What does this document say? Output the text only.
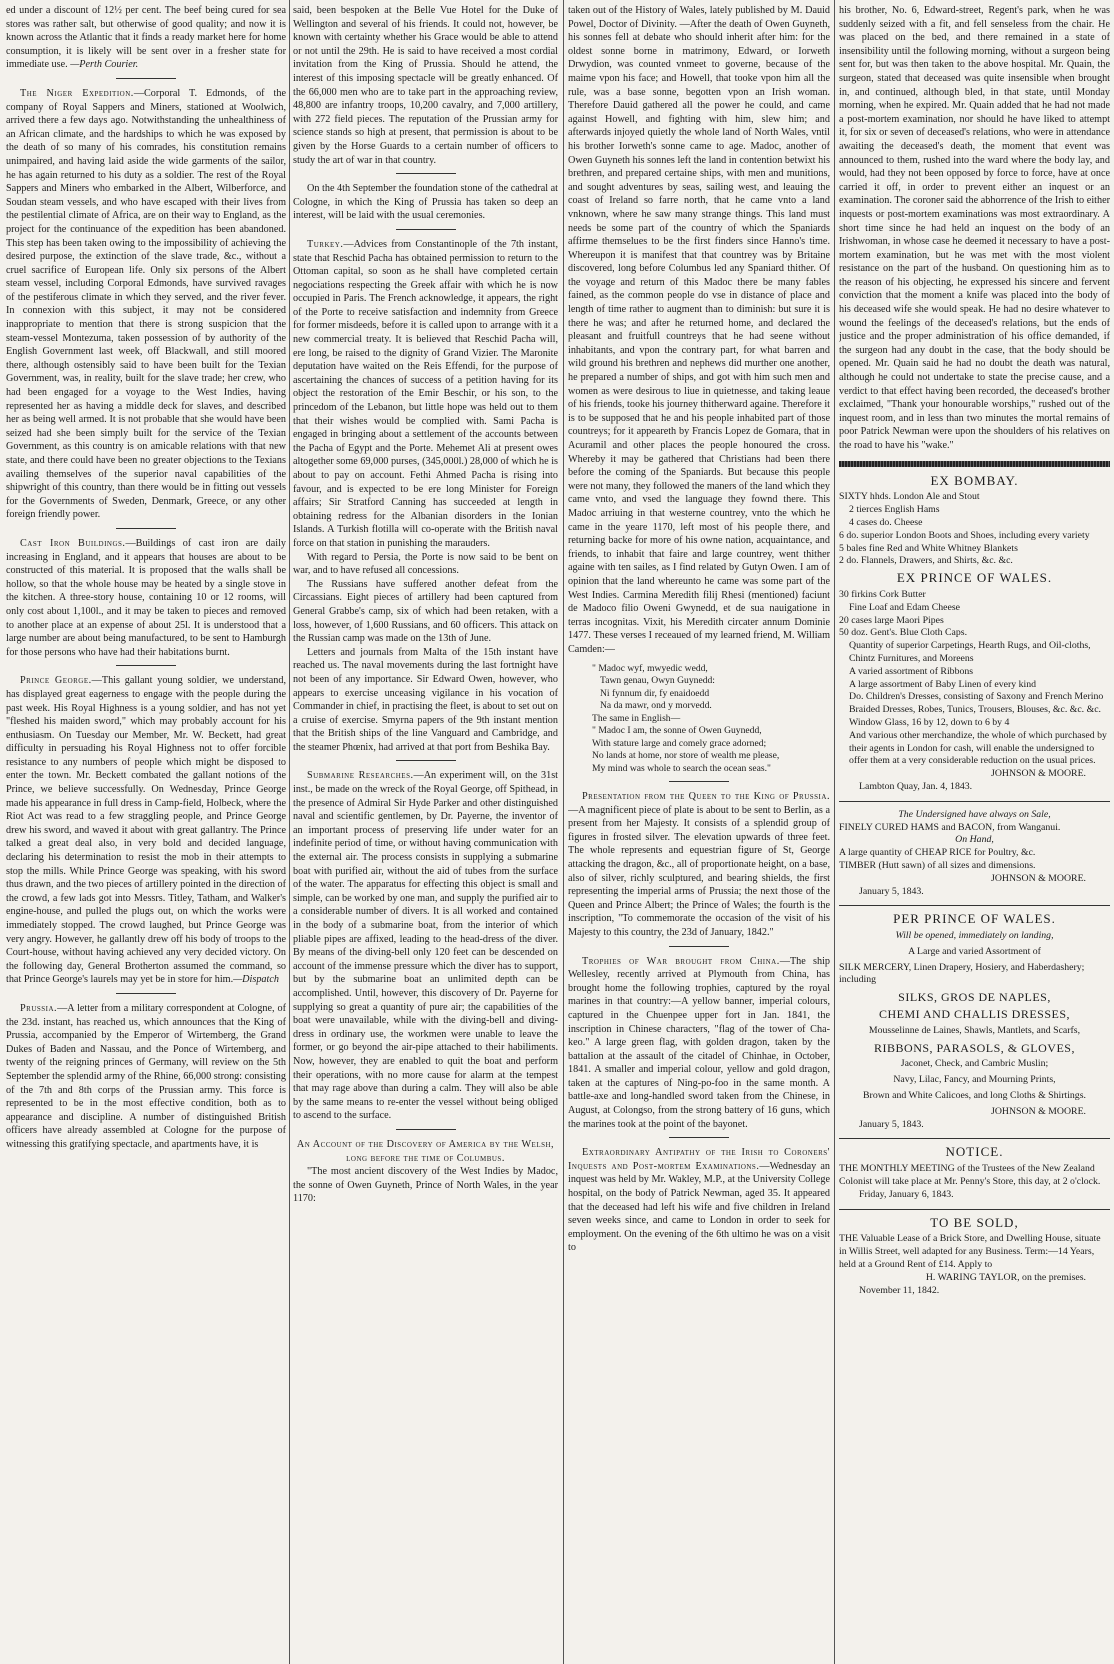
ed under a discount of 12½ per cent. The beef being cured for sea stores was rather salt, but otherwise of good quality; and now it is known across the Atlantic that it finds a ready market here for home consumption, it is likely will be sent over in a fresher state for immediate use. —Perth Courier.

The Niger Expedition.—Corporal T. Edmonds, of the company of Royal Sappers and Miners, stationed at Woolwich, arrived there a few days ago. Notwithstanding the unhealthiness of an African climate, and the hardships to which he was exposed by the death of so many of his comrades, his constitution remains unimpaired, and having laid aside the wide garments of the sailor, he has again returned to his duty as a soldier. The rest of the Royal Sappers and Miners who embarked in the Albert, Wilberforce, and Soudan steam vessels, and who have escaped with their lives from the pestilential climate of Africa, are on their way to England, as the project for the continuance of the expedition has been abandoned. This step has been taken owing to the impossibility of achieving the desired purpose, the extinction of the slave trade, &c., without a cruel sacrifice of European life. Only six persons of the Albert steam vessel, including Corporal Edmonds, have survived ravages of the pestiferous climate in which they served, and the river fever. In connexion with this subject, it may not be considered inappropriate to mention that there is strong suspicion that the steam-vessel Montezuma, taken possession of by authority of the English Government last week, off Blackwall, and still moored there, although ostensibly said to have been built for the Texian Government, was, in reality, built for the slave trade; her crew, who had been engaged for a voyage to the West Indies, having represented her as having a middle deck for slaves, and described her as being well armed. It is not probable that she would have been seized had she been simply built for the service of the Texian Government, as this country is on amicable relations with that new state, and there could have been no greater objections to the Texians availing themselves of the superior naval capabilities of the shipwright of this country, than there would be in fitting out vessels for the Governments of Sweden, Denmark, Greece, or any other foreign friendly power.

Cast Iron Buildings.—Buildings of cast iron are daily increasing in England, and it appears that houses are about to be constructed of this material. It is proposed that the walls shall be hollow, so that the whole house may be heated by a single stove in the kitchen. A three-story house, containing 10 or 12 rooms, will only cost about 1,100l., and it may be taken to pieces and removed to another place at an expense of about 25l. It is understood that a large number are about being manufactured, to be sent to Hamburgh for those persons who have had their habitations burnt.

Prince George.—This gallant young soldier, we understand, has displayed great eagerness to engage with the people during the past week. His Royal Highness is a young soldier, and has not yet "fleshed his maiden sword," which may probably account for his enthusiasm. On Tuesday our Member, Mr. W. Beckett, had great difficulty in persuading his Royal Highness not to offer forcible resistance to any numbers of people which might be disposed to enter the town. Mr. Beckett combated the gallant notions of the Prince, we believe successfully. On Wednesday, Prince George made his appearance in full dress in Camp-field, Holbeck, where the Riot Act was read to a few straggling people, and Prince George drew his sword, and waved it about with great gallantry. The Prince talked a great deal also, in very bold and decided language, declaring his determination to resist the mob in their attempts to stop the mills. While Prince George was speaking, with his sword thus drawn, and the two pieces of artillery pointed in the direction of the crowd, a few lads got into Messrs. Titley, Tatham, and Walker's engine-house, and pulled the plugs out, on which the works were immediately stopped. The crowd laughed, but Prince George was very angry. However, he gallantly drew off his body of troops to the Court-house, without having achieved any very decided victory. On the following day, General Brotherton assumed the command, so that Prince George's laurels may yet be in store for him.—Dispatch

Prussia.—A letter from a military correspondent at Cologne, of the 23d. instant, has reached us, which announces that the King of Prussia, accompanied by the Emperor of Wirtemberg, the Grand Dukes of Baden and Nassau, and the Ponce of Wirtemberg, and twenty of the reigning princes of Germany, will review on the 5th September the splendid army of the Rhine, 66,000 strong: consisting of the 7th and 8th corps of the Prussian army. This force is represented to be in the most effective condition, both as to appearance and discipline. A number of distinguished British officers have already assembled at Cologne for the purpose of witnessing this gratifying spectacle, and apartments have, it is

said, been bespoken at the Belle Vue Hotel for the Duke of Wellington and several of his friends. It could not, however, be known with certainty whether his Grace would be able to attend or not until the 29th. He is said to have received a most cordial invitation from the King of Prussia. Should he attend, the interest of this imposing spectacle will be greatly enhanced. Of the 66,000 men who are to take part in the approaching review, 48,800 are infantry troops, 10,200 cavalry, and 7,000 artillery, with 272 field pieces. The reputation of the Prussian army for science stands so high at present, that permission is about to be given by the Horse Guards to a certain number of officers to study the art of war in that country.

On the 4th September the foundation stone of the cathedral at Cologne, in which the King of Prussia has taken so deep an interest, will be laid with the usual ceremonies.

Turkey.—Advices from Constantinople of the 7th instant, state that Reschid Pacha has obtained permission to return to the Ottoman capital, so soon as he shall have completed certain negociations respecting the Greek affair with which he is now occupied in Paris. The French acknowledge, it appears, the right of the Porte to receive satisfaction and indemnity from Greece for former misdeeds, before it is called upon to arrange with it a new commercial treaty. It is believed that Reschid Pacha will, ere long, be raised to the dignity of Grand Vizier. The Maronite deputation have waited on the Reis Effendi, for the purpose of ascertaining the chances of success of a petition having for its object the restoration of the Emir Beschir, or his son, to the princedom of the Lebanon, but little hope was held out to them that their wishes would be complied with. Sami Pacha is engaged in bringing about a settlement of the accounts between the Pacha of Egypt and the Porte. Mehemet Ali at present owes altogether some 69,000 purses, (345,000l.) 28,000 of which he is about to pay on account. Fethi Ahmed Pacha is rising into favour, and is expected to be ere long Minister for Foreign affairs; Sir Stratford Canning has succeeded at length in obtaining redress for the Albanian disorders in the Ionian Islands. A Turkish flotilla will co-operate with the British naval force on that station in punishing the marauders.

With regard to Persia, the Porte is now said to be bent on war, and to have refused all concessions.

The Russians have suffered another defeat from the Circassians. Eight pieces of artillery had been captured from General Grabbe's camp, six of which had been retaken, with a loss, however, of 1,600 Russians, and 60 officers. This attack on the Russian camp was made on the 13th of June.

Letters and journals from Malta of the 15th instant have reached us. The naval movements during the last fortnight have not been of any importance. Sir Edward Owen, however, who appears to exercise unceasing vigilance in his vocation of Commander in chief, in practising the fleet, is about to set out on a cruise of exercise. Smyrna papers of the 9th instant mention that the British ships of the line Vanguard and Cambridge, and the steamer Phœnix, had arrived at that port from Beshika Bay.

Submarine Researches.—An experiment will, on the 31st inst., be made on the wreck of the Royal George, off Spithead, in the presence of Admiral Sir Hyde Parker and other distinguished naval and scientific gentlemen, by Dr. Payerne, the inventor of an important process of preserving life under water for an indefinite period of time, or without having communication with the external air. The process consists in supplying a submarine boat with purified air, without the aid of tubes from the surface of the water. The apparatus for effecting this object is small and simple, can be worked by one man, and supply the purified air to a considerable number of divers. It is all worked and contained in the body of a submarine boat, from the interior of which pliable pipes are affixed, leading to the head-dress of the diver. By means of the diving-bell only 120 feet can be descended on account of the immense pressure which the diver has to support, but by the submarine boat an unlimited depth can be accomplished. Until, however, this discovery of Dr. Payerne for supplying so great a quantity of pure air; the capabilities of the boat were unavailable, while with the diving-bell and diving-dress in ordinary use, the workmen were unable to leave the former, or go beyond the air-pipe attached to their habiliments. Now, however, they are enabled to quit the boat and perform their operations, with no more cause for alarm at the tempest that may rage above than during a calm. They will also be able by the same means to re-enter the vessel without being obliged to ascend to the surface.

An Account of the Discovery of America by the Welsh, long before the time of Columbus.

"The most ancient discovery of the West Indies by Madoc, the sonne of Owen Guyneth, Prince of North Wales, in the year 1170:

taken out of the History of Wales, lately published by M. Dauid Powel, Doctor of Divinity. —After the death of Owen Guyneth, his sonnes fell at debate who should inherit after him: for the oldest sonne borne in matrimony, Edward, or Iorweth Drwydion, was counted vnmeet to governe, because of the maime vpon his face; and Howell, that tooke vpon him all the rule, was a base sonne, begotten vpon an Irish woman. Therefore Dauid gathered all the power he could, and came against Howell, and fighting with him, slew him; and afterwards injoyed quietly the whole land of North Wales, vntil his brother Iorweth's sonne came to age. Madoc, another of Owen Guyneth his sonnes left the land in contention betwixt his brethren, and prepared certaine ships, with men and munitions, and sought adventures by seas, sailing west, and leauing the coast of Ireland so farre north, that he came vnto a land vnknown, where he saw many strange things. This land must needs be some part of the country of which the Spaniards affirme themselues to be the first finders since Hanno's time. Whereupon it is manifest that that countrey was by Britaine discovered, long before Columbus led any Spaniard thither. Of the voyage and return of this Madoc there be many fables fained, as the common people do vse in distance of place and length of time rather to augment than to diminish: but sure it is there he was; and after he returned home, and declared the pleasant and fruitfull countreys that he had seene without inhabitants, and vpon the contrary part, for what barren and wild ground his brethren and nephews did murther one another, he prepared a number of ships, and got with him such men and women as were desirous to liue in quietnesse, and taking leaue of his friends, tooke his journey thitherward againe. Therefore it is to be supposed that he and his people inhabited part of those countreys; for it appeareth by Francis Lopez de Gomara, that in Acuramil and other places the people honoured the cross. Whereby it may be gathered that Christians had been there before the coming of the Spaniards. But because this people were not many, they followed the maners of the land which they came vnto, and vsed the language they fownd there. This Madoc arriuing in that westerne countrey, vnto the which he came in the yeare 1170, left most of his people there, and returning backe for more of his owne nation, acquaintance, and friends, to inhabit that faire and large countrey, went thither againe with ten sailes, as I find related by Gutyn Owen. I am of opinion that the land whereunto he came was some part of the West Indies. Carmina Meredith filij Rhesi (mentioned) faciunt de Madoco filio Oweni Gwynedd, et de sua nauigatione in terras incognitas. Vixit, his Meredith circater annum Dominie 1477. These verses I receaued of my learned friend, M. William Camden:—

" Madoc wyf, mwyedic wedd,
Tawn genau, Owyn Guynedd:
Ni fynnum dir, fy enaidoedd
Na da mawr, ond y morvedd.
The same in English—
" Madoc I am, the sonne of Owen Guynedd,
With stature large and comely grace adorned;
No lands at home, nor store of wealth me please,
My mind was whole to search the ocean seas."

Presentation from the Queen to the King of Prussia.—A magnificent piece of plate is about to be sent to Berlin, as a present from her Majesty. It consists of a splendid group of figures in frosted silver. The elevation upwards of three feet. The whole represents and equestrian figure of St, George attacking the dragon, &c., all of proportionate height, on a base, also of silver, richly sculptured, and bearing shields, the first representing the imperial arms of Prussia; the next those of the Queen and Prince Albert; the Prince of Wales; the fourth is the inscription, "To commemorate the occasion of the visit of his Majesty to this country, the 23d of January, 1842."

Trophies of War brought from China.—The ship Wellesley, recently arrived at Plymouth from China, has brought home the following trophies, captured by the royal marines in that country:—A yellow banner, imperial colours, captured in the Chuenpee upper fort in Jan. 1841, the inscription in Chinese characters, "flag of the tower of Cha-keo." A large green flag, with golden dragon, taken by the battalion at the assault of the citadel of Chinhae, in October, 1841. A smaller and imperial colour, yellow and gold dragon, taken at the captures of Ning-po-foo in the same month. A battle-axe and long-handled sword taken from the Chinese, in August, at Colongso, from the strong battery of 16 guns, which the marines took at the point of the bayonet.

Extraordinary Antipathy of the Irish to Coroners' Inquests and Post-mortem Examinations.—Wednesday an inquest was held by Mr. Wakley, M.P., at the University College hospital, on the body of Patrick Newman, aged 35. It appeared that the deceased had left his wife and five children in Ireland seven weeks since, and came to London in order to seek for employment. On the evening of the 6th ultimo he was on a visit to

his brother, No. 6, Edward-street, Regent's park, when he was suddenly seized with a fit, and fell senseless from the chair. He was placed on the bed, and there remained in a state of insensibility until the following morning, without a surgeon being sent for, but was then taken to the above hospital. Mr. Quain, the surgeon, stated that deceased was quite insensible when brought in, and continued, although bled, in that state, until Monday morning, when he expired. Mr. Quain added that he had not made a post-mortem examination, nor should he have liked to attempt it, for six or seven of deceased's relations, who were in attendance awaiting the deceased's death, the moment that event was announced to them, rushed into the ward where the body lay, and would, had they not been opposed by force to force, have at once carried it off, in order to prevent either an inquest or an examination. The coroner said the abhorrence of the Irish to either inquests or post-mortem examinations was most extraordinary. A short time since he had held an inquest on the body of an Irishwoman, in whose case he deemed it necessary to have a post-mortem examination, but he was met with the most violent resistance on the part of the husband. On questioning him as to the reason of his objecting, he expressed his sincere and fervent conviction that the moment a knife was placed into the body of his deceased wife she would speak. He had no desire whatever to wound the feelings of the deceased's relations, but the ends of justice and the proper administration of his office demanded, if the surgeon had any doubt in the case, that the body should be opened. Mr. Quain said he had no doubt the death was natural, although he could not undertake to state the precise cause, and a verdict to that effect having been recorded, the deceased's brother exclaimed, "Thank your honourable worships," rushed out of the inquest room, and in less than two minutes the mortal remains of poor Patrick Newman were upon the shoulders of his relatives on the road to have his "wake."

EX BOMBAY.
SIXTY hhds. London Ale and Stout
2 tierces English Hams
4 cases do. Cheese
6 do. superior London Boots and Shoes, including every variety
5 bales fine Red and White Whitney Blankets
2 do. Flannels, Drawers, and Shirts, &c. &c.
EX PRINCE OF WALES.
30 firkins Cork Butter
Fine Loaf and Edam Cheese
20 cases large Maori Pipes
50 doz. Gent's. Blue Cloth Caps.
Quantity of superior Carpetings, Hearth Rugs, and Oil-cloths, Chintz Furnitures, and Moreens
A varied assortment of Ribbons
A large assortment of Baby Linen of every kind
Do. Children's Dresses, consisting of Saxony and French Merino Braided Dresses, Robes, Tunics, Trousers, Blouses, &c. &c. &c.
Window Glass, 16 by 12, down to 6 by 4
And various other merchandize, the whole of which purchased by their agents in London for cash, will enable the undersigned to offer them at a very considerable reduction on the usual prices.
JOHNSON & MOORE.
Lambton Quay, Jan. 4, 1843.
The Undersigned have always on Sale,
FINELY CURED HAMS and BACON, from Wanganui.
On Hand,
A large quantity of CHEAP RICE for Poultry, &c.
TIMBER (Hutt sawn) of all sizes and dimensions.
JOHNSON & MOORE.
January 5, 1843.
PER PRINCE OF WALES.
Will be opened, immediately on landing,
A Large and varied Assortment of
SILK MERCERY, Linen Drapery, Hosiery, and Haberdashery; including
SILKS, GROS DE NAPLES,
CHEMI AND CHALLIS DRESSES,
Mousselinne de Laines, Shawls, Mantlets, and Scarfs,
RIBBONS, PARASOLS, & GLOVES,
Jaconet, Check, and Cambric Muslin;
Navy, Lilac, Fancy, and Mourning Prints,
Brown and White Calicoes, and long Cloths & Shirtings.
JOHNSON & MOORE.
January 5, 1843.
NOTICE.
THE MONTHLY MEETING of the Trustees of the New Zealand Colonist will take place at Mr. Penny's Store, this day, at 2 o'clock.
Friday, January 6, 1843.
TO BE SOLD,
THE Valuable Lease of a Brick Store, and Dwelling House, situate in Willis Street, well adapted for any Business. Term:—14 Years, held at a Ground Rent of £14. Apply to
H. WARING TAYLOR, on the premises.
November 11, 1842.
